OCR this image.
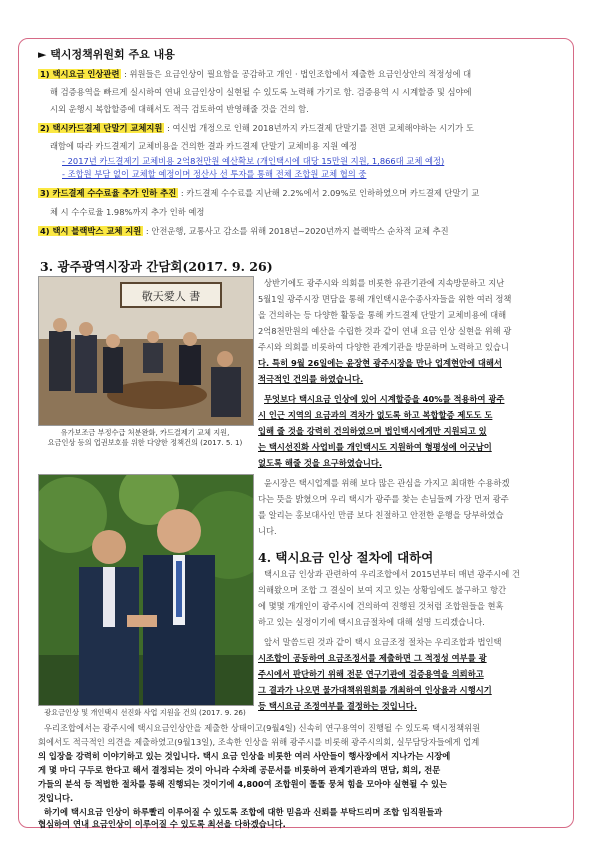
► 택시정책위원회 주요 내용
1) 택시요금 인상관련 : 위원들은 요금인상이 필요함을 공감하고 개인 · 법인조합에서 제출한 요금인상안의 적정성에 대
해 검증용역을 빠르게 실시하여 연내 요금인상이 실현될 수 있도록 노력해 가기로 함. 검증용역 시 시계할증 및 심야에
시외 운행시 복합할증에 대해서도 적극 검토하여 반영해줄 것을 건의 함.
2) 택시카드결제 단말기 교체지원 : 여신법 개정으로 인해 2018년까지 카드결제 단말기를 전면 교체해야하는 시기가 도
래함에 따라 카드결제기 교체비용을 건의한 결과 카드결제 단말기 교체비용 지원 예정
- 2017년 카드결제기 교체비용 2억8천만원 예산확보 (개인택시에 대당 15만원 지원, 1,866대 교체 예정)
- 조합원 부담 없이 교체할 예정이며 정산사 선 투자를 통해 전체 조합원 교체 협의 중
3) 카드결제 수수료율 추가 인하 추진 : 카드결제 수수료를 지난해 2.2%에서 2.09%로 인하하였으며 카드결제 단말기 교
체 시 수수료율 1.98%까지 추가 인하 예정
4) 택시 블랙박스 교체 지원 : 안전운행, 교통사고 감소를 위해 2018년~2020년까지 블랙박스 순차적 교체 추진
3. 광주광역시장과 간담회(2017. 9. 26)
敬天愛人 書
유가보조금 부정수급 처분완화, 카드결제기 교체 지원,
요금인상 등의 업권보호를 위한 다양한 정책건의 (2017. 5. 1)
상반기에도 광주시와 의회를 비롯한 유관기관에 지속방문하고 지난
5월1일 광주시장 면담을 통해 개인택시운수종사자들을 위한 여러 정책
을 건의하는 등 다양한 활동을 통해 카드결제 단말기 교체비용에 대해
2억8천만원의 예산을 수립한 것과 같이 연내 요금 인상 실현을 위해 광
주시와 의회를 비롯하여 다양한 관계기관을 방문하며 노력하고 있습니
다. 특히 9월 26일에는 윤장현 광주시장을 만나 업계현안에 대해서
적극적인 건의를 하였습니다.
무엇보다 택시요금 인상에 있어 시계할증을 40%를 적용하여 광주
시 인근 지역의 요금과의 격차가 없도록 하고 복합할증 제도도 도
입해 줄 것을 강력히 건의하였으며 법인택시에게만 지원되고 있
는 택시선진화 사업비를 개인택시도 지원하여 형평성에 어긋남이
없도록 해줄 것을 요구하였습니다.
윤시장은 택시업계를 위해 보다 많은 관심을 가지고 최대한 수용하겠
다는 뜻을 밝혔으며 우리 택시가 광주를 찾는 손님들께 가장 먼저 광주
를 알리는 홍보대사인 만큼 보다 친절하고 안전한 운행을 당부하였습
니다.
광요금인상 및 개인택시 선진화 사업 지원을 건의 (2017. 9. 26)
4. 택시요금 인상 절차에 대하여
택시요금 인상과 관련하여 우리조합에서 2015년부터 매년 광주시에 건
의해왔으며 조합 그 결실이 보여 지고 있는 상황임에도 불구하고 항간
에 몇몇 개개인이 광주시에 건의하여 진행된 것처럼 조합원들을 현혹
하고 있는 실정이기에 택시요금절차에 대해 설명 드리겠습니다.
앞서 말씀드린 것과 같이 택시 요금조정 절차는 우리조합과 법인택
시조합이 공동하여 요금조정서를 제출하면 그 적정성 여부를 광
주시에서 판단하기 위해 전문 연구기관에 검증용역을 의뢰하고
그 결과가 나오면 물가대책위원회를 개최하여 인상율과 시행시기
등 택시요금 조정여부를 결정하는 것입니다.
우리조합에서는 광주시에 택시요금인상안을 제출한 상태이고(9월4일) 신속히 연구용역이 진행될 수 있도록 택시정책위원
회에서도 적극적인 의견을 제출하였고(9월13일), 조속한 인상을 위해 광주시를 비롯해 광주시의회, 실무담당자들에게 업계
의 입장을 강력히 이야기하고 있는 것입니다. 택시 요금 인상을 비롯한 여러 사안들이 행사장에서 지나가는 시장에
게 몇 마디 구두로 한다고 해서 결정되는 것이 아니라 수차례 공문서를 비롯하여 관계기관과의 면담, 회의, 전문
가들의 분석 등 적법한 절차를 통해 진행되는 것이기에 4,800여 조합원이 똘똘 뭉쳐 힘을 모아야 실현될 수 있는
것입니다.
하기에 택시요금 인상이 하루빨리 이루어질 수 있도록 조합에 대한 믿음과 신뢰를 부탁드리며 조합 임직원들과
협심하여 연내 요금인상이 이루어질 수 있도록 최선을 다하겠습니다.
